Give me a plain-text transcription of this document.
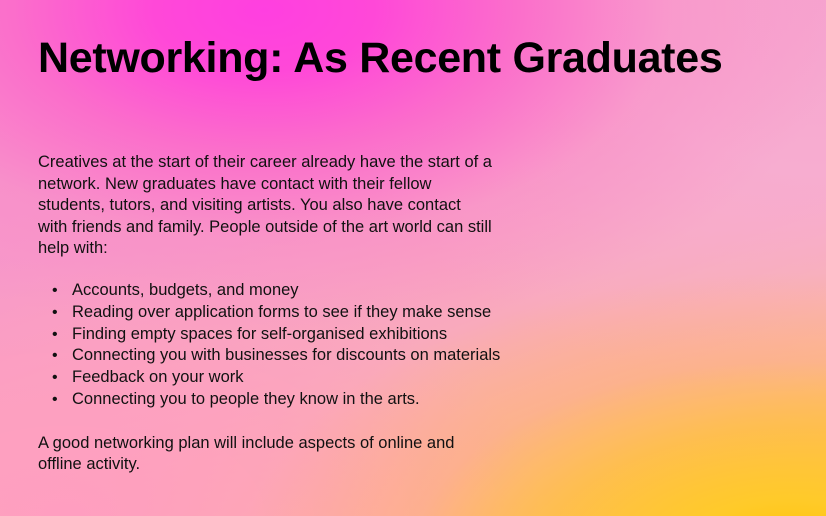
Networking: As Recent Graduates
Creatives at the start of their career already have the start of a
network. New graduates have contact with their fellow
students, tutors, and visiting artists. You also have contact
with friends and family. People outside of the art world can still
help with:
• Accounts, budgets, and money
• Reading over application forms to see if they make sense
• Finding empty spaces for self-organised exhibitions
• Connecting you with businesses for discounts on materials
• Feedback on your work
• Connecting you to people they know in the arts.
A good networking plan will include aspects of online and
offline activity.
